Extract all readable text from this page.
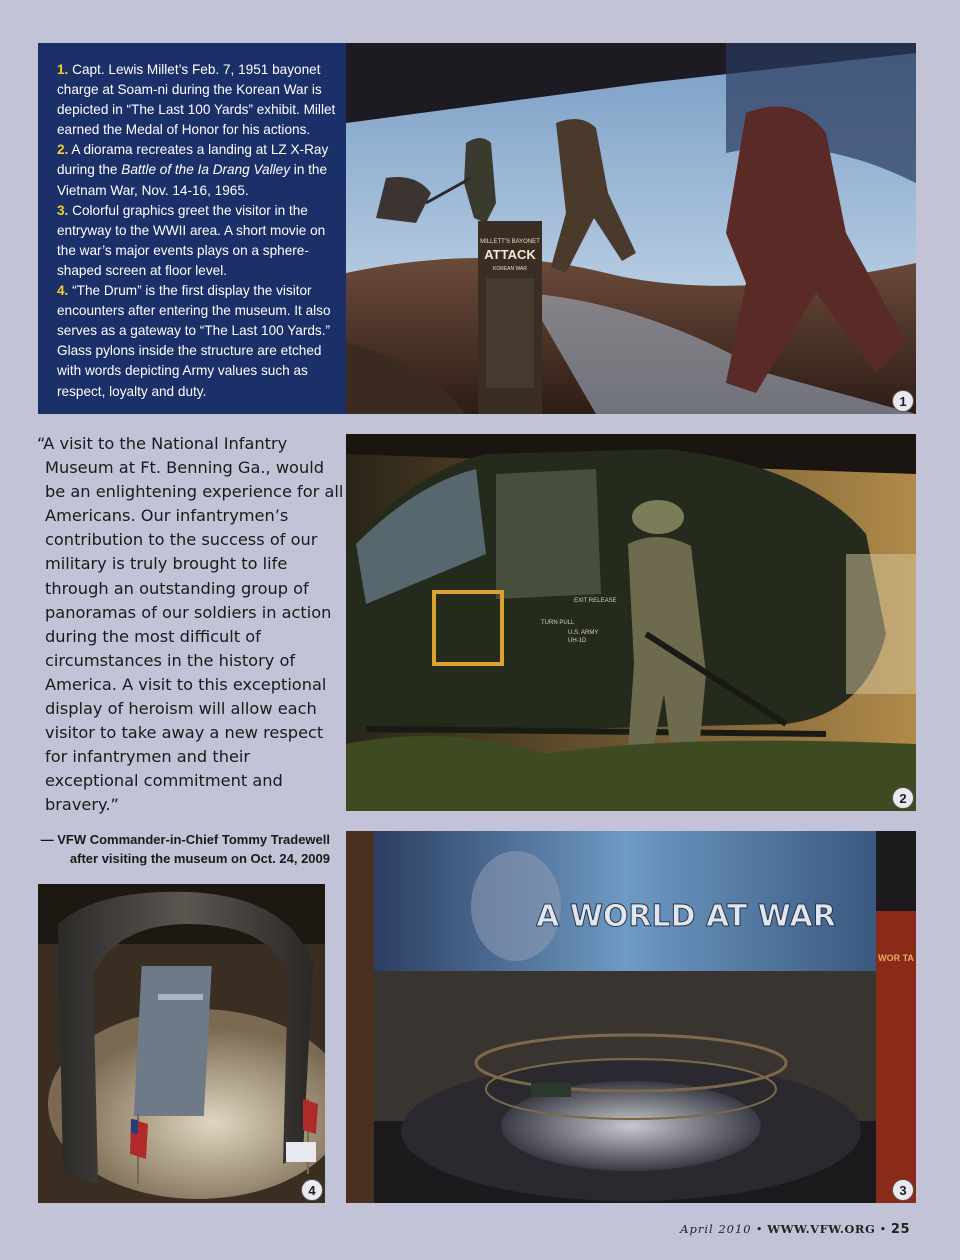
MILLETT'S BAYONET
ATTACK
KOREAN WAR
1

1. Capt. Lewis Millet’s Feb. 7, 1951 bayonet charge at Soam-ni during the Korean War is depicted in “The Last 100 Yards” exhibit. Millet earned the Medal of Honor for his actions.

2. A diorama recreates a landing at LZ X-Ray during the Battle of the Ia Drang Valley in the Vietnam War, Nov. 14-16, 1965.

3. Colorful graphics greet the visitor in the entryway to the WWII area. A short movie on the war’s major events plays on a sphere-shaped screen at floor level.

4. “The Drum” is the first display the visitor encounters after entering the museum. It also serves as a gateway to “The Last 100 Yards.” Glass pylons inside the structure are etched with words depicting Army values such as respect, loyalty and duty.

EXIT RELEASE
TURN PULL
U.S. ARMY
UH-1D
2
“A visit to the National Infantry Museum at Ft. Benning Ga., would be an enlightening experience for all Americans. Our infantrymen’s contribution to the success of our military is truly brought to life through an outstanding group of panoramas of our soldiers in action during the most difficult of circumstances in the history of America. A visit to this exceptional display of heroism will allow each visitor to take away a new respect for infantrymen and their exceptional commitment and bravery.”
— VFW Commander-in-Chief Tommy Tradewell
after visiting the museum on Oct. 24, 2009
4
A WORLD AT WAR
WOR TA
3
April 2010 • WWW.VFW.ORG • 25
